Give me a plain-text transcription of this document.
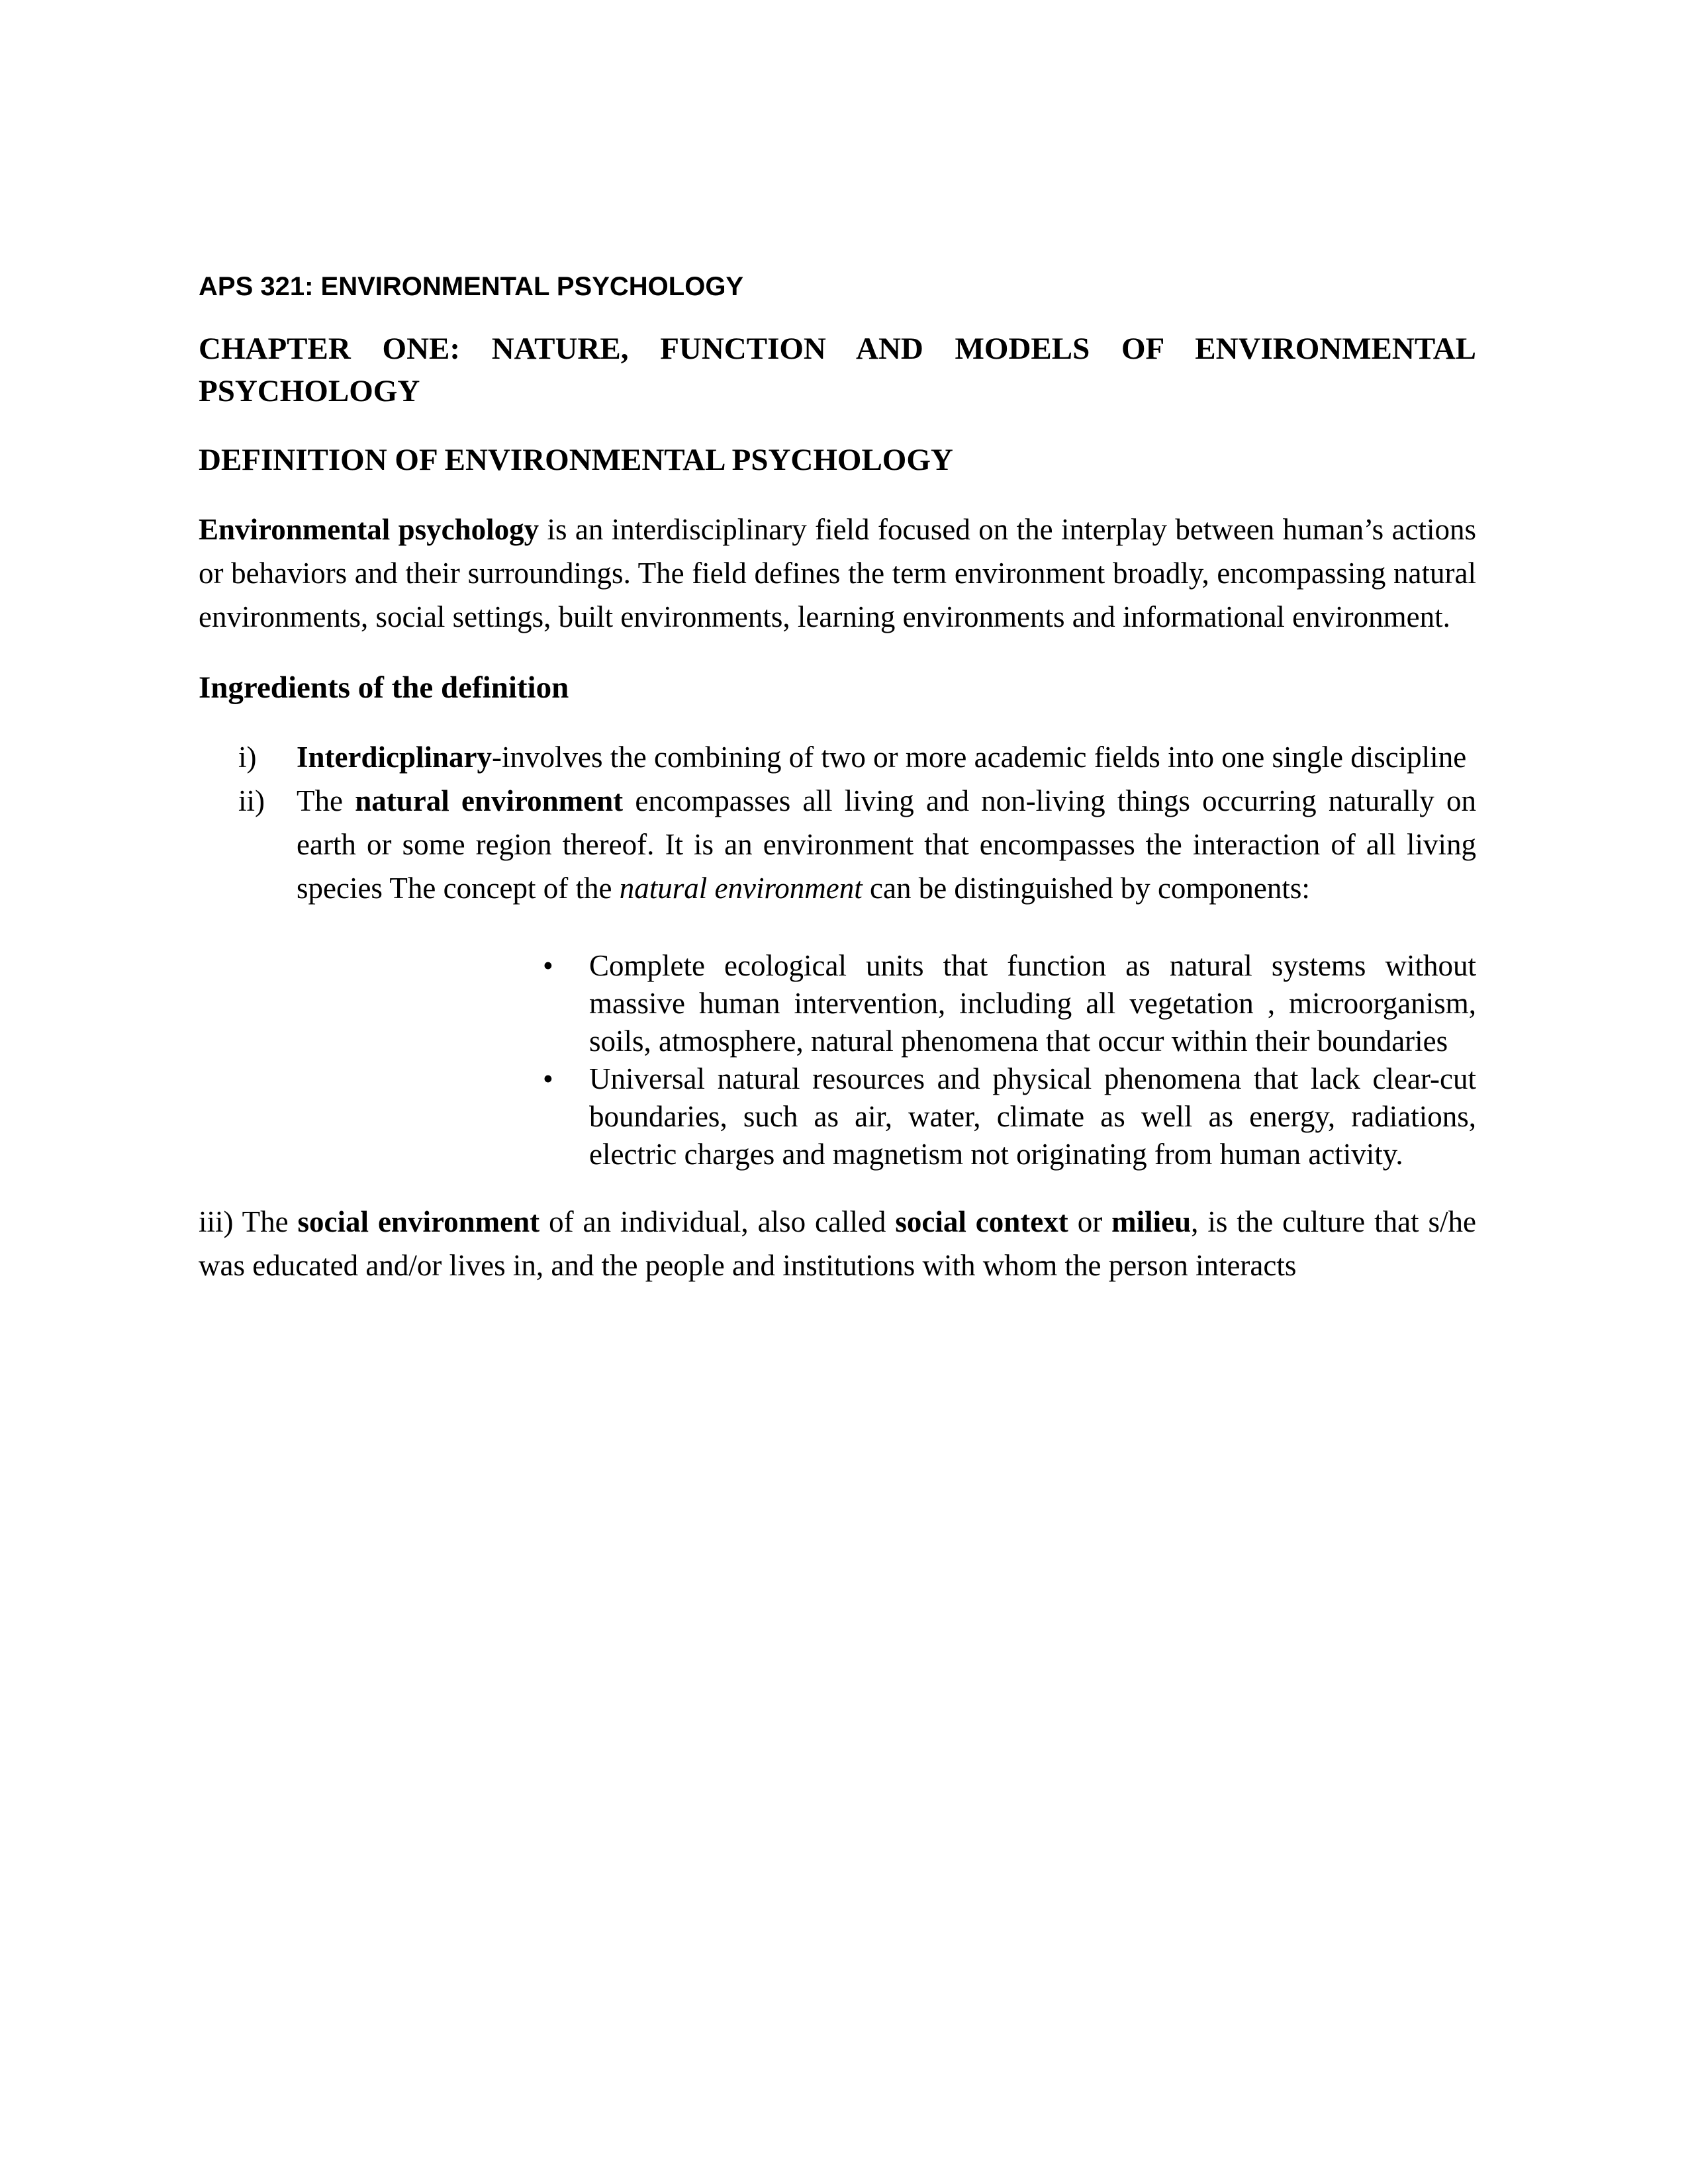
APS 321: ENVIRONMENTAL PSYCHOLOGY

CHAPTER ONE: NATURE, FUNCTION AND MODELS OF ENVIRONMENTAL PSYCHOLOGY

DEFINITION OF ENVIRONMENTAL PSYCHOLOGY

Environmental psychology is an interdisciplinary field focused on the interplay between human’s actions or behaviors and their surroundings. The field defines the term environment broadly, encompassing natural environments, social settings, built environments, learning environments and informational environment.

Ingredients of the definition

i) Interdicplinary-involves the combining of two or more academic fields into one single discipline
ii) The natural environment encompasses all living and non-living things occurring naturally on earth or some region thereof. It is an environment that encompasses the interaction of all living species The concept of the natural environment can be distinguished by components:
• Complete ecological units that function as natural systems without massive human intervention, including all vegetation , microorganism, soils, atmosphere, natural phenomena that occur within their boundaries
• Universal natural resources and physical phenomena that lack clear-cut boundaries, such as air, water, climate as well as energy, radiations, electric charges and magnetism not originating from human activity.

iii) The social environment of an individual, also called social context or milieu, is the culture that s/he was educated and/or lives in, and the people and institutions with whom the person interacts
